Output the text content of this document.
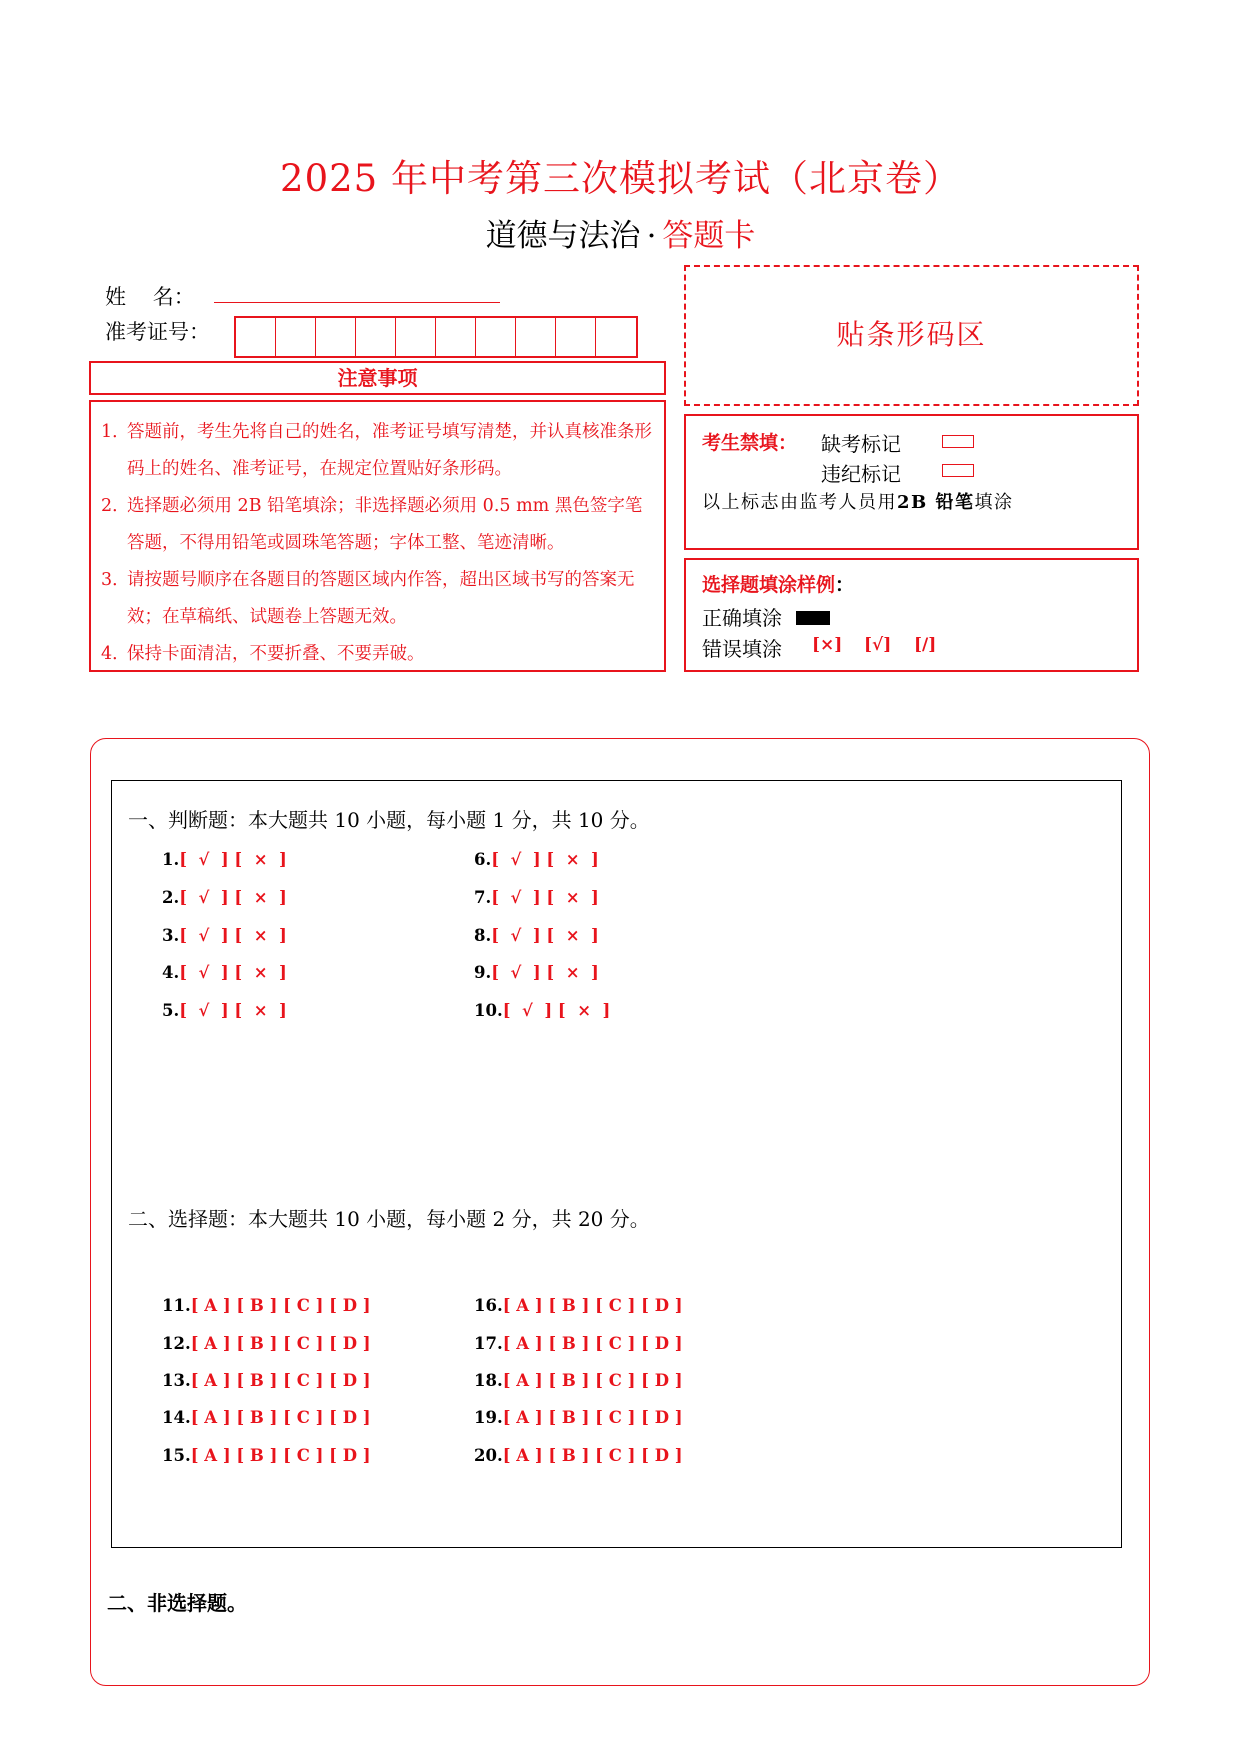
2025 年中考第三次模拟考试（北京卷）
道德与法治 · 答题卡
姓    名：
准考证号：
注意事项
1．
答题前，考生先将自己的姓名，准考证号填写清楚，并认真核准条形码上的姓名、准考证号，在规定位置贴好条形码。
2．
选择题必须用 2B 铅笔填涂；非选择题必须用 0.5 mm 黑色签字笔答题，不得用铅笔或圆珠笔答题；字体工整、笔迹清晰。
3．
请按题号顺序在各题目的答题区域内作答，超出区域书写的答案无效；在草稿纸、试题卷上答题无效。
4．
保持卡面清洁，不要折叠、不要弄破。
贴条形码区
考生禁填： 缺考标记
违纪标记
以上标志由监考人员用2B 铅笔填涂
选择题填涂样例：
正确填涂
错误填涂 [×] [√] [/]
一、判断题：本大题共 10 小题，每小题 1 分，共 10 分。
1.[  √  ] [  ×  ]
2.[  √  ] [  ×  ]
3.[  √  ] [  ×  ]
4.[  √  ] [  ×  ]
5.[  √  ] [  ×  ]
6.[  √  ] [  ×  ]
7.[  √  ] [  ×  ]
8.[  √  ] [  ×  ]
9.[  √  ] [  ×  ]
10.[  √  ] [  ×  ]
二、选择题：本大题共 10 小题，每小题 2 分，共 20 分。
11.[ A ] [ B ] [ C ] [ D ]
12.[ A ] [ B ] [ C ] [ D ]
13.[ A ] [ B ] [ C ] [ D ]
14.[ A ] [ B ] [ C ] [ D ]
15.[ A ] [ B ] [ C ] [ D ]
16.[ A ] [ B ] [ C ] [ D ]
17.[ A ] [ B ] [ C ] [ D ]
18.[ A ] [ B ] [ C ] [ D ]
19.[ A ] [ B ] [ C ] [ D ]
20.[ A ] [ B ] [ C ] [ D ]
二、非选择题。
